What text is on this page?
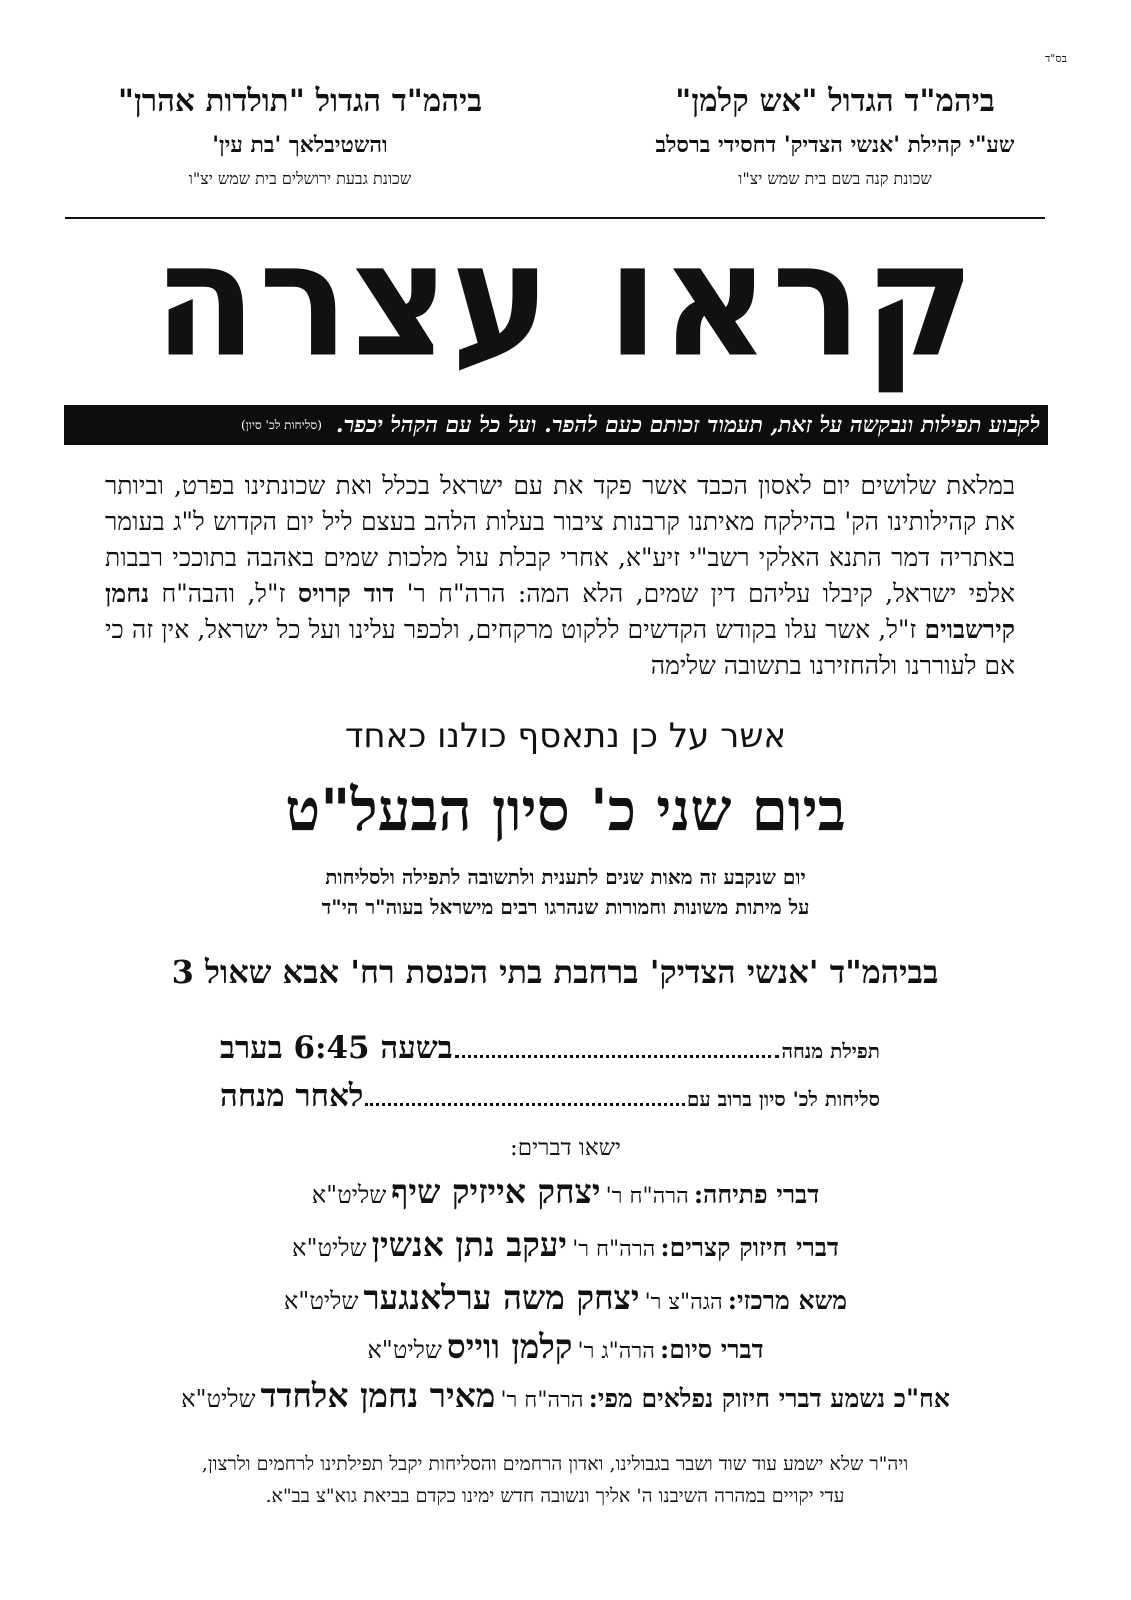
בס"ד
ביהמ"ד הגדול "אש קלמן"
שע"י קהילת 'אנשי הצדיק' דחסידי ברסלב
שכונת קנה בשם בית שמש יצ"ו
ביהמ"ד הגדול "תולדות אהרן"
והשטיבלאך 'בת עין'
שכונת גבעת ירושלים בית שמש יצ"ו
קראו עצרה
לקבוע תפילות ונבקשה על זאת, תעמוד זכותם כעם להפר. ועל כל עם הקהל יכפר.
(סליחות לכ' סיון)
במלאת שלושים יום לאסון הכבד אשר פקד את עם ישראל בכלל ואת שכונתינו בפרט, וביותר את קהילותינו הק' בהילקח מאיתנו קרבנות ציבור בעלות הלהב בעצם ליל יום הקדוש ל"ג בעומר באתריה דמר התנא האלקי רשב"י זיע"א, אחרי קבלת עול מלכות שמים באהבה בתוככי רבבות אלפי ישראל, קיבלו עליהם דין שמים, הלא המה: הרה"ח ר' דוד קרויס ז"ל, והבה"ח נחמן קירשבוים ז"ל, אשר עלו בקודש הקדשים ללקוט מרקחים, ולכפר עלינו ועל כל ישראל, אין זה כי אם לעוררנו ולהחזירנו בתשובה שלימה
אשר על כן נתאסף כולנו כאחד
ביום שני כ' סיון הבעל"ט
יום שנקבע זה מאות שנים לתענית ולתשובה לתפילה ולסליחות
על מיתות משונות וחמורות שנהרגו רבים מישראל בעוה"ר הי"ד
בביהמ"ד 'אנשי הצדיק' ברחבת בתי הכנסת רח' אבא שאול 3
תפילת מנחה
בשעה 6:45 בערב
סליחות לכ' סיון ברוב עם
לאחר מנחה
ישאו דברים:
דברי פתיחה: הרה"ח ר' יצחק אייזיק שיף שליט"א
דברי חיזוק קצרים: הרה"ח ר' יעקב נתן אנשין שליט"א
משא מרכזי: הגה"צ ר' יצחק משה ערלאנגער שליט"א
דברי סיום: הרה"ג ר' קלמן ווייס שליט"א
אח"כ נשמע דברי חיזוק נפלאים מפי: הרה"ח ר' מאיר נחמן אלחדד שליט"א
ויה"ר שלא ישמע עוד שוד ושבר בגבולינו, ואדון הרחמים והסליחות יקבל תפילתינו לרחמים ולרצון,
עדי יקויים במהרה השיבנו ה' אליך ונשובה חדש ימינו כקדם בביאת גוא"צ בב"א.
